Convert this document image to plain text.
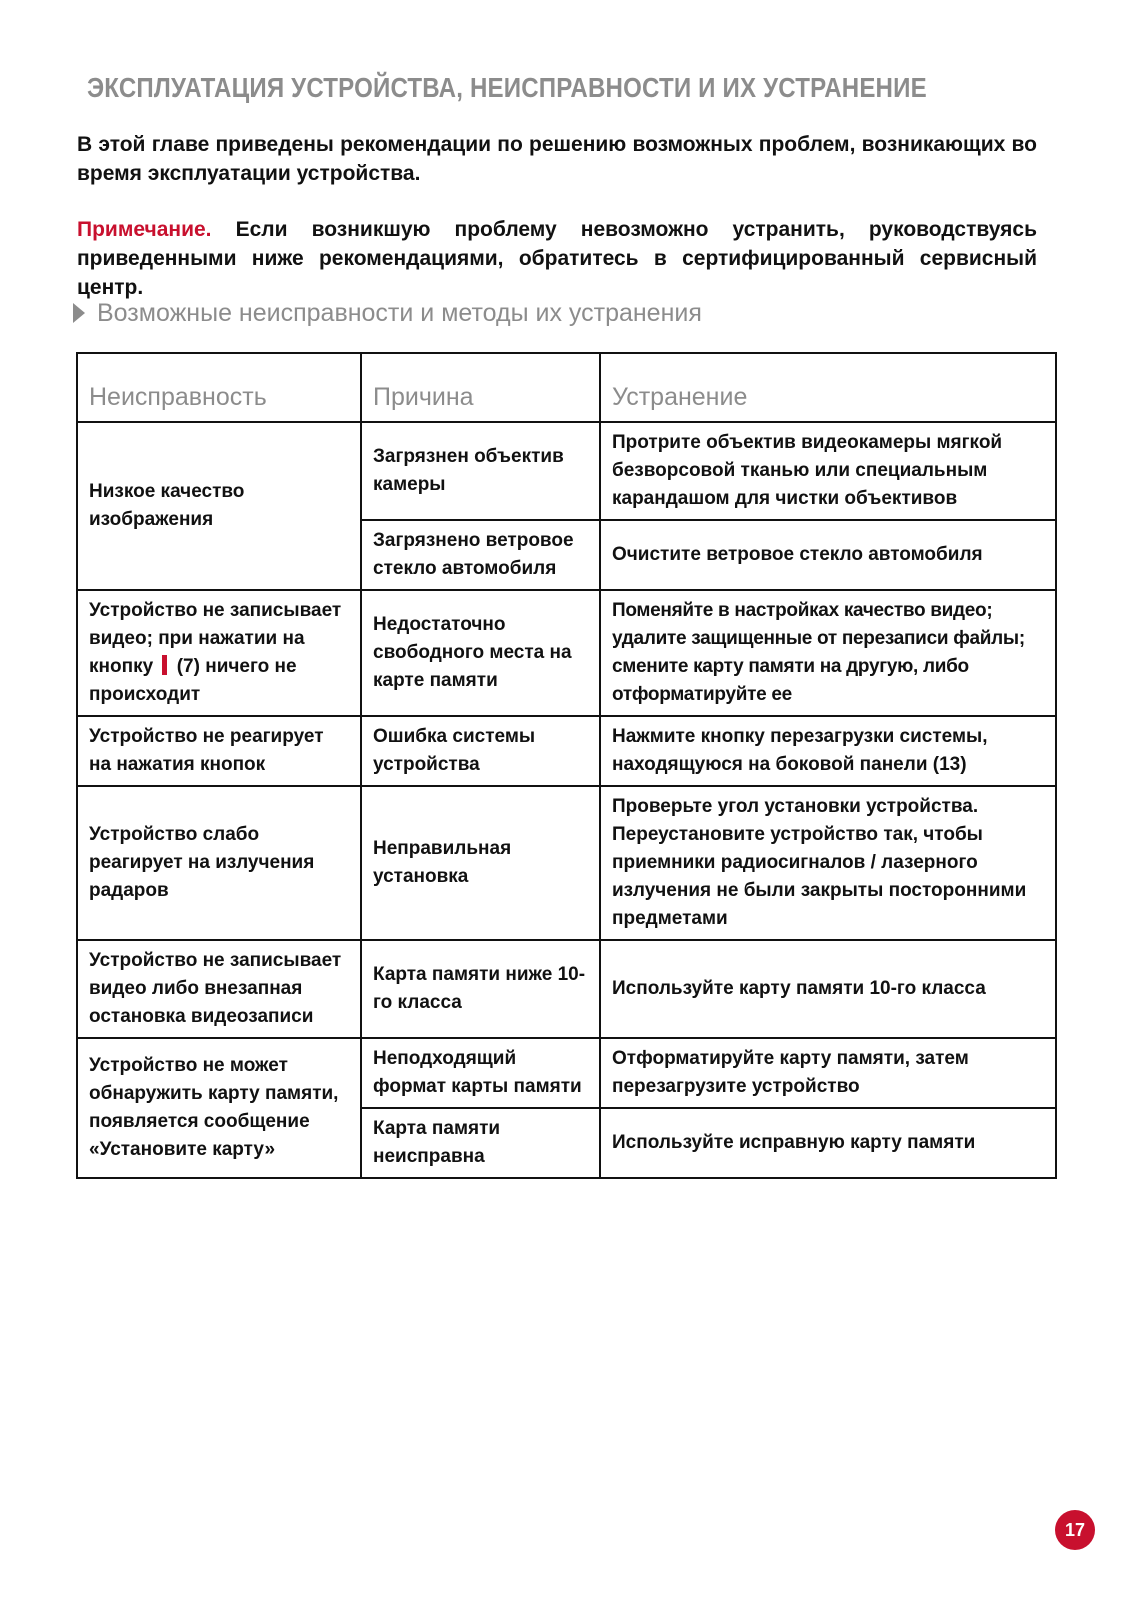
ЭКСПЛУАТАЦИЯ УСТРОЙСТВА, НЕИСПРАВНОСТИ И ИХ УСТРАНЕНИЕ
В этой главе приведены рекомендации по решению возможных проблем, возникающих во время эксплуатации устройства.
Примечание. Если возникшую проблему невозможно устранить, руководствуясь приведенными ниже рекомендациями, обратитесь в сертифицированный сервисный центр.
Возможные неисправности и методы их устранения
Неисправность	Причина	Устранение
Низкое качество изображения	Загрязнен объектив камеры	Протрите объектив видеокамеры мягкой безворсовой тканью или специальным карандашом для чистки объективов
	Загрязнено ветровое стекло автомобиля	Очистите ветровое стекло автомобиля
Устройство не записывает видео; при нажатии на кнопку (7) ничего не происходит	Недостаточно свободного места на карте памяти	Поменяйте в настройках качество видео; удалите защищенные от перезаписи файлы; смените карту памяти на другую, либо отформатируйте ее
Устройство не реагирует на нажатия кнопок	Ошибка системы устройства	Нажмите кнопку перезагрузки системы, находящуюся на боковой панели (13)
Устройство слабо реагирует на излучения радаров	Неправильная установка	Проверьте угол установки устройства. Переустановите устройство так, чтобы приемники радиосигналов / лазерного излучения не были закрыты посторонними предметами
Устройство не записывает видео либо внезапная остановка видеозаписи	Карта памяти ниже 10-го класса	Используйте карту памяти 10-го класса
Устройство не может обнаружить карту памяти, появляется сообщение «Установите карту»	Неподходящий формат карты памяти	Отформатируйте карту памяти, затем перезагрузите устройство
	Карта памяти неисправна	Используйте исправную карту памяти
17
